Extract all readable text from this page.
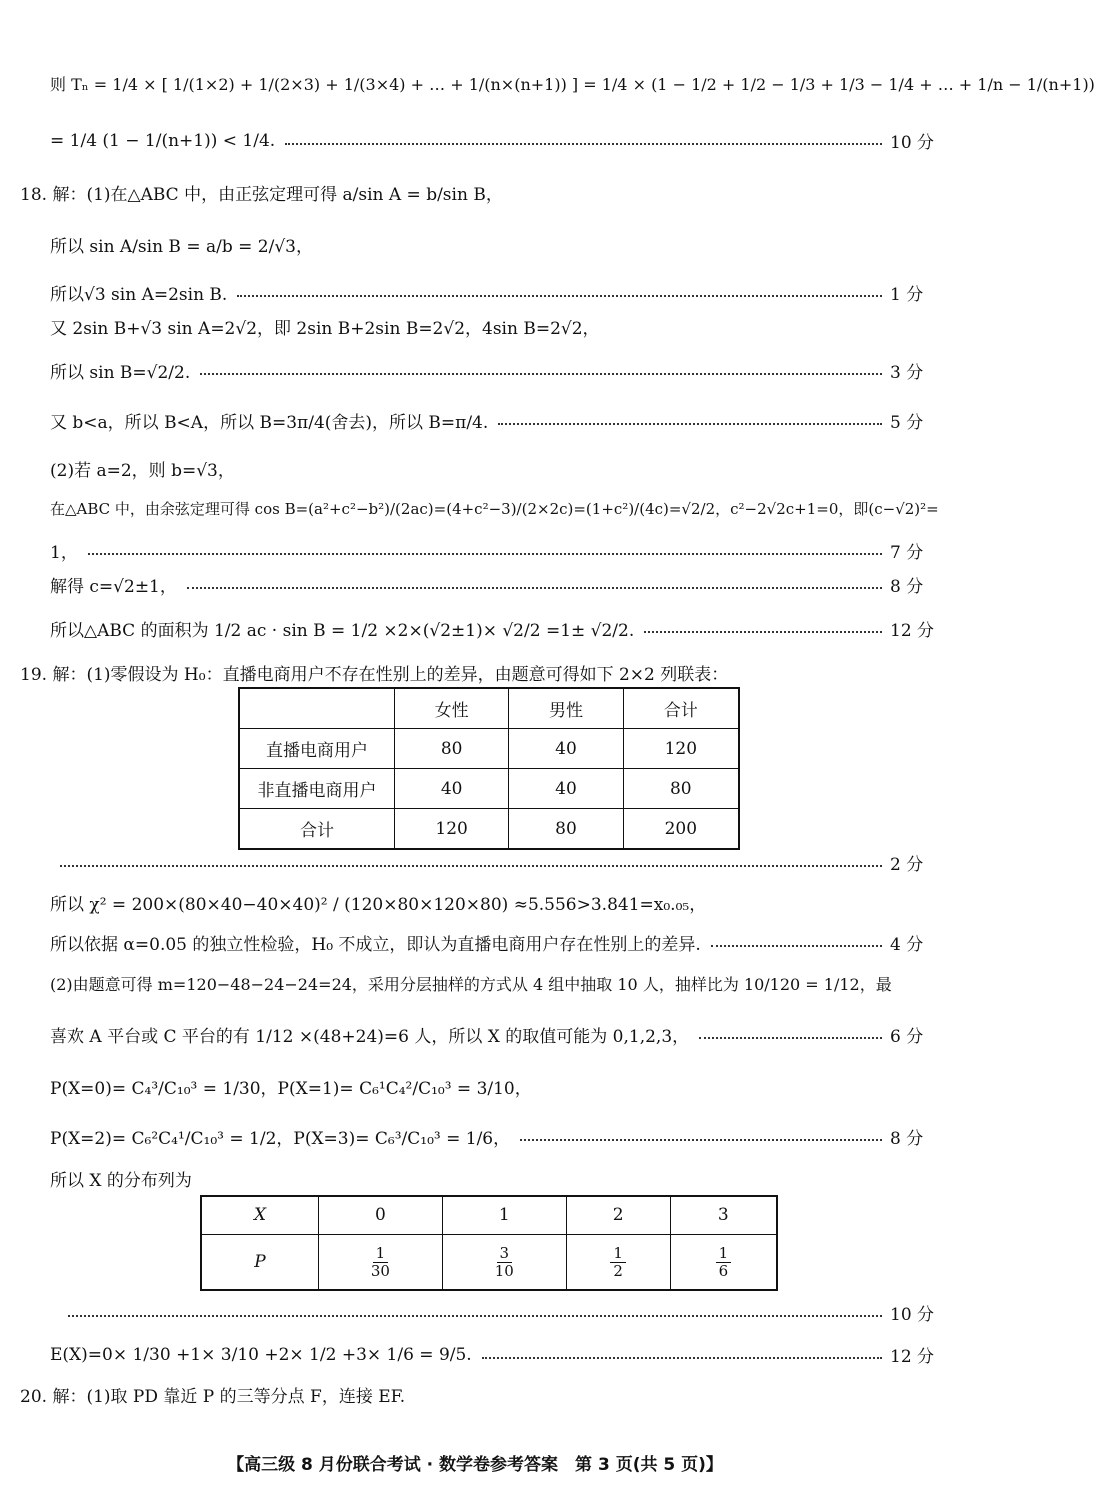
则 Tₙ = 1/4 × [ 1/(1×2) + 1/(2×3) + 1/(3×4) + … + 1/(n×(n+1)) ] = 1/4 × (1 − 1/2 + 1/2 − 1/3 + 1/3 − 1/4 + … + 1/n − 1/(n+1))
= 1/4 (1 − 1/(n+1)) < 1/4.	10 分
18. 解：(1)在△ABC 中，由正弦定理可得 a/sin A = b/sin B，
所以 sin A/sin B = a/b = 2/√3，
所以√3 sin A=2sin B.	1 分
又 2sin B+√3 sin A=2√2，即 2sin B+2sin B=2√2，4sin B=2√2，
所以 sin B=√2/2.	3 分
又 b<a，所以 B<A，所以 B=3π/4(舍去)，所以 B=π/4.	5 分
(2)若 a=2，则 b=√3，
在△ABC 中，由余弦定理可得 cos B=(a²+c²−b²)/(2ac)=(4+c²−3)/(2×2c)=(1+c²)/(4c)=√2/2，c²−2√2c+1=0，即(c−√2)²=
1，	7 分
解得 c=√2±1，	8 分
所以△ABC 的面积为 1/2 ac · sin B = 1/2 ×2×(√2±1)× √2/2 =1± √2/2.	12 分
19. 解：(1)零假设为 H₀：直播电商用户不存在性别上的差异，由题意可得如下 2×2 列联表：
	女性	男性	合计
直播电商用户	80	40	120
非直播电商用户	40	40	80
合计	120	80	200
2 分
所以 χ² = 200×(80×40−40×40)² / (120×80×120×80) ≈5.556>3.841=x₀.₀₅，
所以依据 α=0.05 的独立性检验，H₀ 不成立，即认为直播电商用户存在性别上的差异.	4 分
(2)由题意可得 m=120−48−24−24=24，采用分层抽样的方式从 4 组中抽取 10 人，抽样比为 10/120 = 1/12，最
喜欢 A 平台或 C 平台的有 1/12 ×(48+24)=6 人，所以 X 的取值可能为 0,1,2,3，	6 分
P(X=0)= C₄³/C₁₀³ = 1/30，P(X=1)= C₆¹C₄²/C₁₀³ = 3/10，
P(X=2)= C₆²C₄¹/C₁₀³ = 1/2，P(X=3)= C₆³/C₁₀³ = 1/6，	8 分
所以 X 的分布列为
X	0	1	2	3
P	$\frac{1}{30}$	$\frac{3}{10}$	$\frac{1}{2}$	$\frac{1}{6}$
10 分
E(X)=0× 1/30 +1× 3/10 +2× 1/2 +3× 1/6 = 9/5.	12 分
20. 解：(1)取 PD 靠近 P 的三等分点 F，连接 EF.
【高三级 8 月份联合考试 · 数学卷参考答案　第 3 页(共 5 页)】
